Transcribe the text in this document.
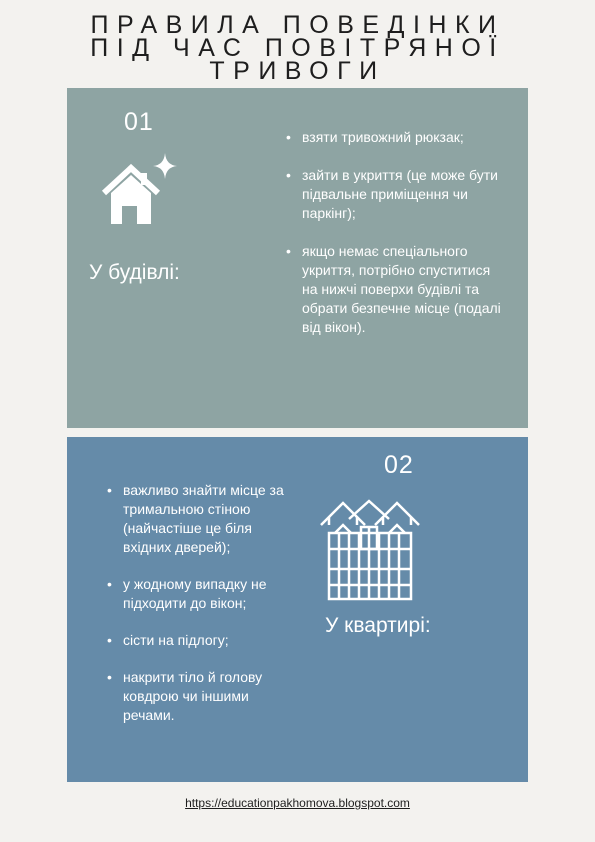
ПРАВИЛА ПОВЕДІНКИ
ПІД ЧАС ПОВІТРЯНОЇ
ТРИВОГИ
01
У будівлі:
• взяти тривожний рюкзак;
• зайти в укриття (це може бути підвальне приміщення чи паркінг);
• якщо немає спеціального укриття, потрібно спуститися на нижчі поверхи будівлі та обрати безпечне місце (подалі від вікон).
02
• важливо знайти місце за тримальною стіною (найчастіше це біля вхідних дверей);
• у жодному випадку не підходити до вікон;
• сісти на підлогу;
• накрити тіло й голову ковдрою чи іншими речами.
У квартирі:
https://educationpakhomova.blogspot.com
